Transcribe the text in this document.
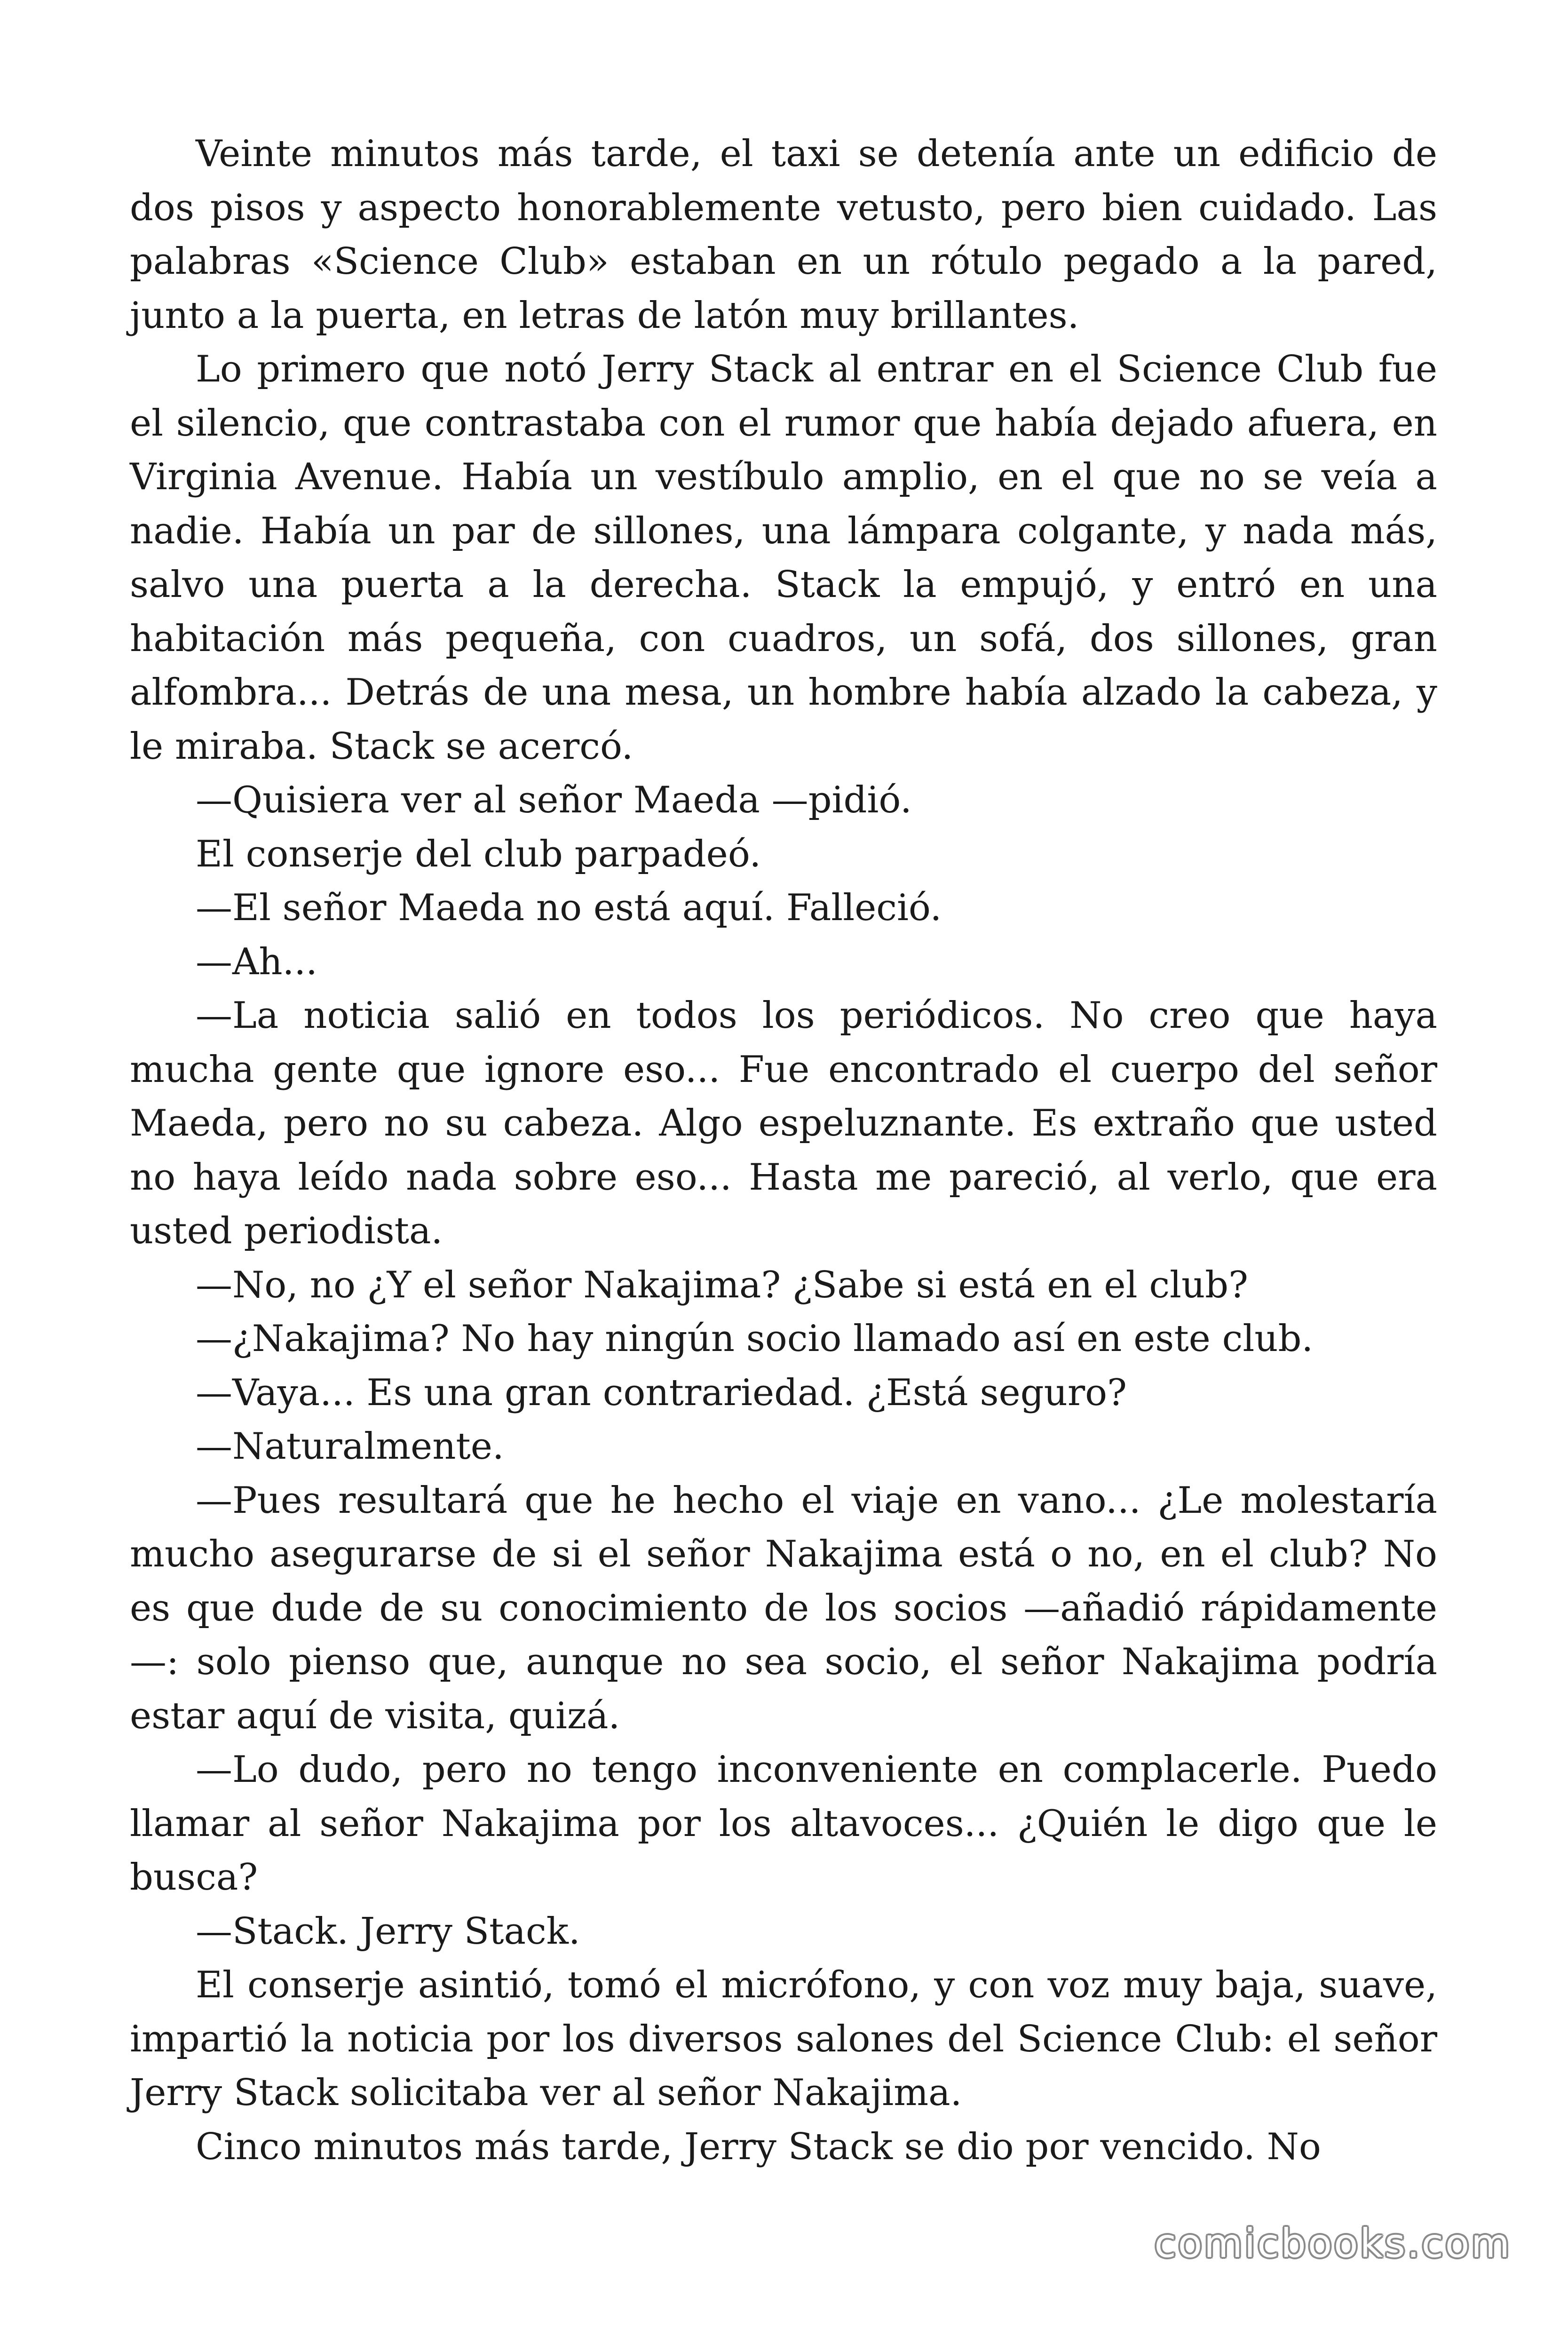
Veinte minutos más tarde, el taxi se detenía ante un edificio de dos pisos y aspecto honorablemente vetusto, pero bien cuidado. Las palabras «Science Club» estaban en un rótulo pegado a la pared, junto a la puerta, en letras de latón muy brillantes.

Lo primero que notó Jerry Stack al entrar en el Science Club fue el silencio, que contrastaba con el rumor que había dejado afuera, en Virginia Avenue. Había un vestíbulo amplio, en el que no se veía a nadie. Había un par de sillones, una lámpara colgante, y nada más, salvo una puerta a la derecha. Stack la empujó, y entró en una habitación más pequeña, con cuadros, un sofá, dos sillones, gran alfombra... Detrás de una mesa, un hombre había alzado la cabeza, y le miraba. Stack se acercó.

—Quisiera ver al señor Maeda —pidió.

El conserje del club parpadeó.

—El señor Maeda no está aquí. Falleció.

—Ah...

—La noticia salió en todos los periódicos. No creo que haya mucha gente que ignore eso... Fue encontrado el cuerpo del señor Maeda, pero no su cabeza. Algo espeluznante. Es extraño que usted no haya leído nada sobre eso... Hasta me pareció, al verlo, que era usted periodista.

—No, no ¿Y el señor Nakajima? ¿Sabe si está en el club?

—¿Nakajima? No hay ningún socio llamado así en este club.

—Vaya... Es una gran contrariedad. ¿Está seguro?

—Naturalmente.

—Pues resultará que he hecho el viaje en vano... ¿Le molestaría mucho asegurarse de si el señor Nakajima está o no, en el club? No es que dude de su conocimiento de los socios —añadió rápidamente —: solo pienso que, aunque no sea socio, el señor Nakajima podría estar aquí de visita, quizá.

—Lo dudo, pero no tengo inconveniente en complacerle. Puedo llamar al señor Nakajima por los altavoces... ¿Quién le digo que le busca?

—Stack. Jerry Stack.

El conserje asintió, tomó el micrófono, y con voz muy baja, suave, impartió la noticia por los diversos salones del Science Club: el señor Jerry Stack solicitaba ver al señor Nakajima.

Cinco minutos más tarde, Jerry Stack se dio por vencido. No

comicbooks.com
